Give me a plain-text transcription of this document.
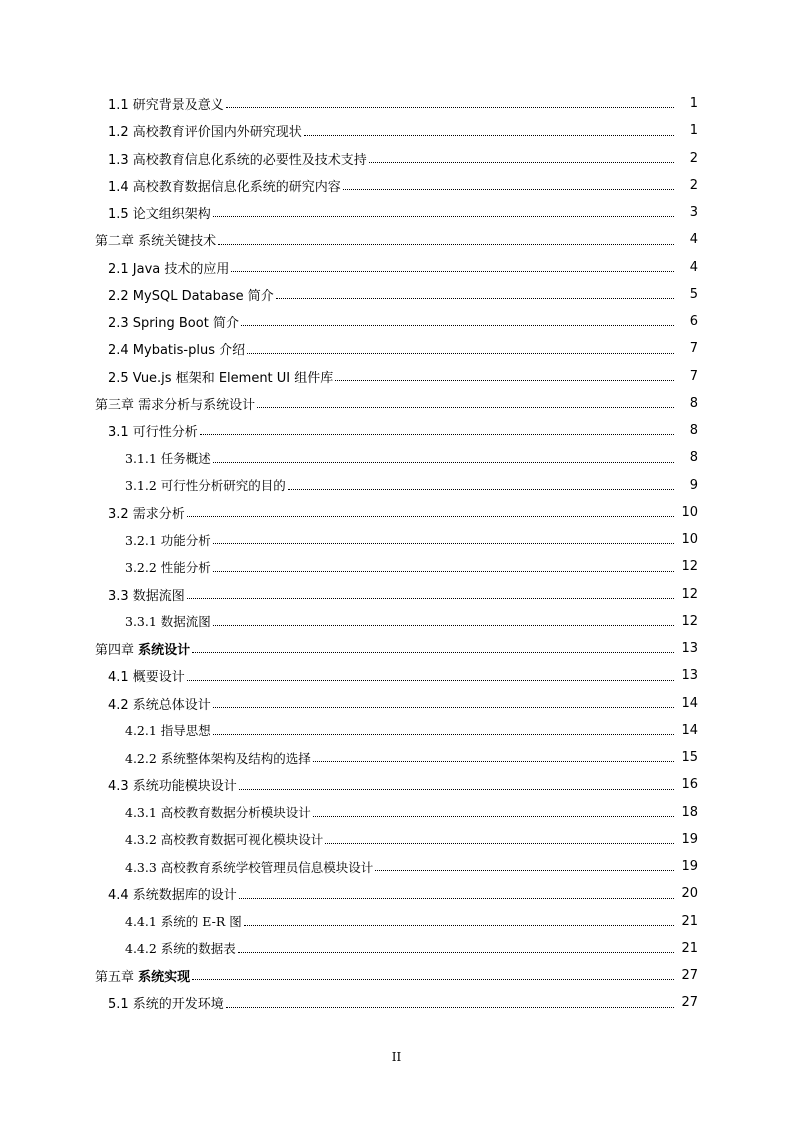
1.1 研究背景及意义	1
1.2 高校教育评价国内外研究现状	1
1.3 高校教育信息化系统的必要性及技术支持	2
1.4 高校教育数据信息化系统的研究内容	2
1.5 论文组织架构	3
第二章 系统关键技术	4
2.1 Java 技术的应用	4
2.2 MySQL Database 简介	5
2.3 Spring Boot 简介	6
2.4 Mybatis-plus 介绍	7
2.5 Vue.js 框架和 Element UI 组件库	7
第三章 需求分析与系统设计	8
3.1 可行性分析	8
3.1.1 任务概述	8
3.1.2 可行性分析研究的目的	9
3.2 需求分析	10
3.2.1 功能分析	10
3.2.2 性能分析	12
3.3 数据流图	12
3.3.1 数据流图	12
第四章 系统设计	13
4.1 概要设计	13
4.2 系统总体设计	14
4.2.1 指导思想	14
4.2.2 系统整体架构及结构的选择	15
4.3 系统功能模块设计	16
4.3.1 高校教育数据分析模块设计	18
4.3.2 高校教育数据可视化模块设计	19
4.3.3 高校教育系统学校管理员信息模块设计	19
4.4 系统数据库的设计	20
4.4.1 系统的 E-R 图	21
4.4.2 系统的数据表	21
第五章 系统实现	27
5.1 系统的开发环境	27
II
